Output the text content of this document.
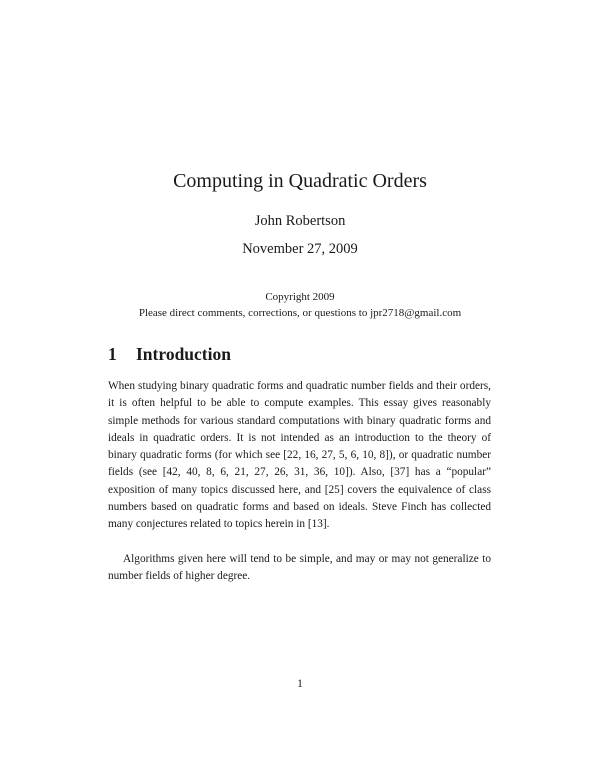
Computing in Quadratic Orders
John Robertson
November 27, 2009
Copyright 2009
Please direct comments, corrections, or questions to jpr2718@gmail.com
1 Introduction
When studying binary quadratic forms and quadratic number fields and their orders, it is often helpful to be able to compute examples. This essay gives reasonably simple methods for various standard computations with binary quadratic forms and ideals in quadratic orders. It is not intended as an introduction to the theory of binary quadratic forms (for which see [22, 16, 27, 5, 6, 10, 8]), or quadratic number fields (see [42, 40, 8, 6, 21, 27, 26, 31, 36, 10]). Also, [37] has a “popular” exposition of many topics discussed here, and [25] covers the equivalence of class numbers based on quadratic forms and based on ideals. Steve Finch has collected many conjectures related to topics herein in [13].
Algorithms given here will tend to be simple, and may or may not generalize to number fields of higher degree.
1
